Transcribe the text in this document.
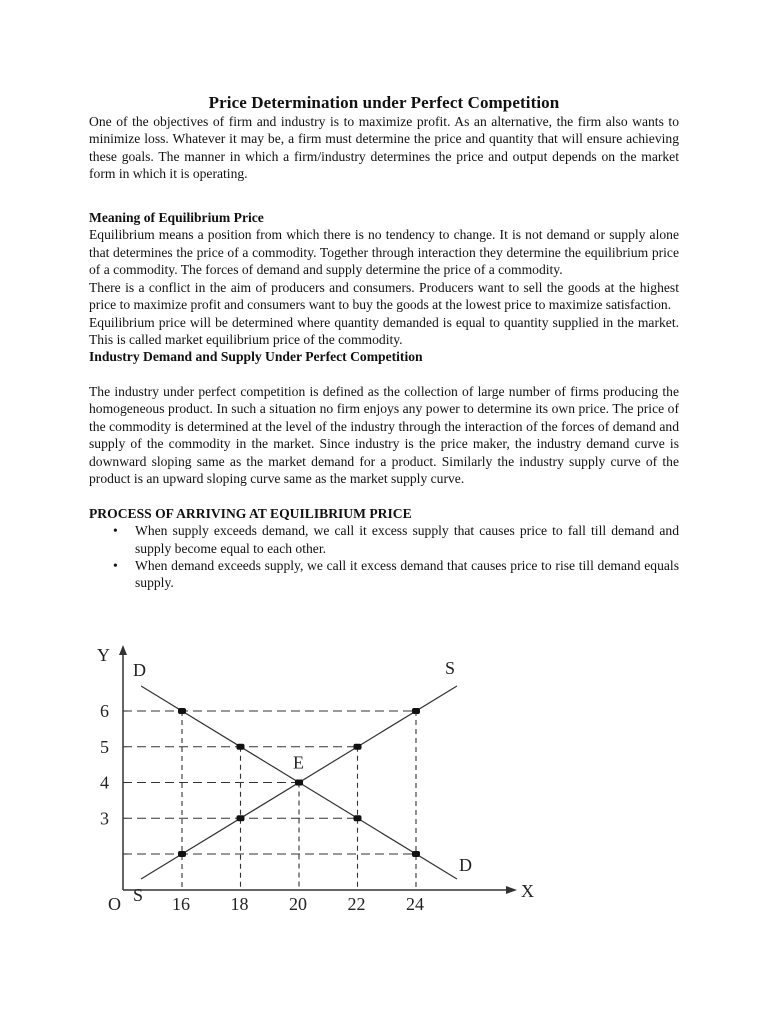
Price Determination under Perfect Competition

One of the objectives of firm and industry is to maximize profit. As an alternative, the firm also wants to minimize loss. Whatever it may be, a firm must determine the price and quantity that will ensure achieving these goals. The manner in which a firm/industry determines the price and output depends on the market form in which it is operating.

Meaning of Equilibrium Price

Equilibrium means a position from which there is no tendency to change. It is not demand or supply alone that determines the price of a commodity. Together through interaction they determine the equilibrium price of a commodity. The forces of demand and supply determine the price of a commodity.

There is a conflict in the aim of producers and consumers. Producers want to sell the goods at the highest price to maximize profit and consumers want to buy the goods at the lowest price to maximize satisfaction.

Equilibrium price will be determined where quantity demanded is equal to quantity supplied in the market. This is called market equilibrium price of the commodity.

Industry Demand and Supply Under Perfect Competition

The industry under perfect competition is defined as the collection of large number of firms producing the homogeneous product. In such a situation no firm enjoys any power to determine its own price. The price of the commodity is determined at the level of the industry through the interaction of the forces of demand and supply of the commodity in the market. Since industry is the price maker, the industry demand curve is downward sloping same as the market demand for a product. Similarly the industry supply curve of the product is an upward sloping curve same as the market supply curve.

PROCESS OF ARRIVING AT EQUILIBRIUM PRICE
• When supply exceeds demand, we call it excess supply that causes price to fall till demand and supply become equal to each other.
• When demand exceeds supply, we call it excess demand that causes price to rise till demand equals supply.
Y
X
O	16 18 20 22 24
3
4
5
6
D
D
S
S
E
